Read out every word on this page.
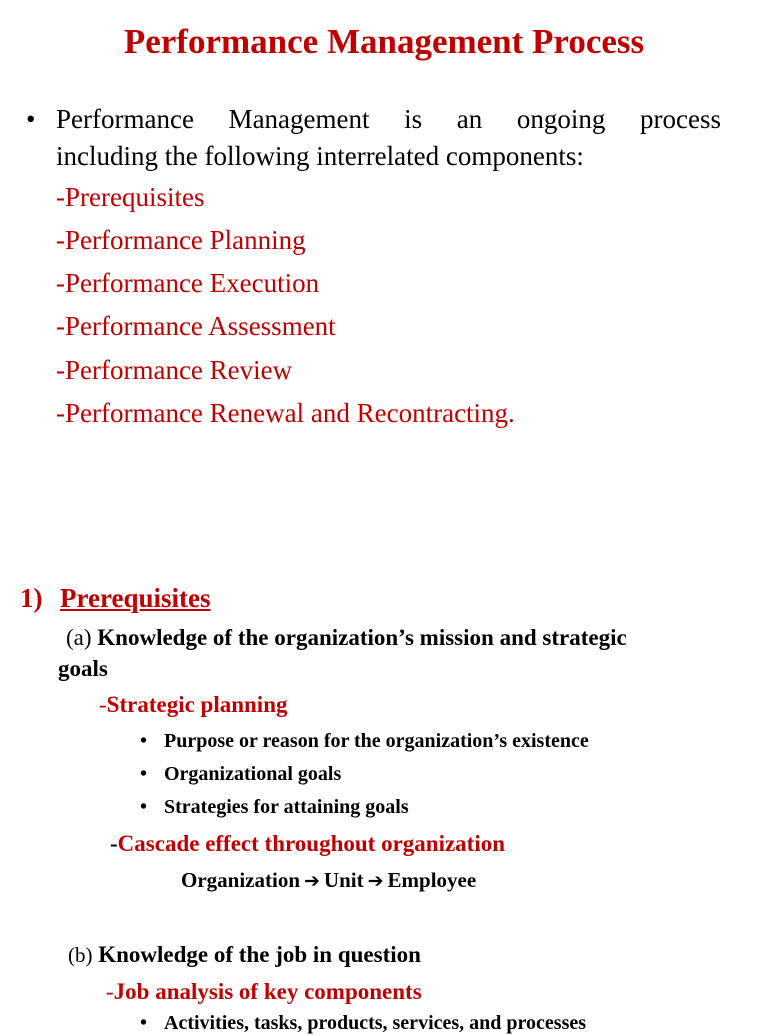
Performance Management Process
• Performance Management is an ongoing process
including the following interrelated components:
-Prerequisites
-Performance Planning
-Performance Execution
-Performance Assessment
-Performance Review
-Performance Renewal and Recontracting.
1) Prerequisites
(a) Knowledge of the organization’s mission and strategic
goals
-Strategic planning
• Purpose or reason for the organization’s existence
• Organizational goals
• Strategies for attaining goals
-Cascade effect throughout organization
Organization ➔ Unit ➔ Employee
(b) Knowledge of the job in question
-Job analysis of key components
• Activities, tasks, products, services, and processes
